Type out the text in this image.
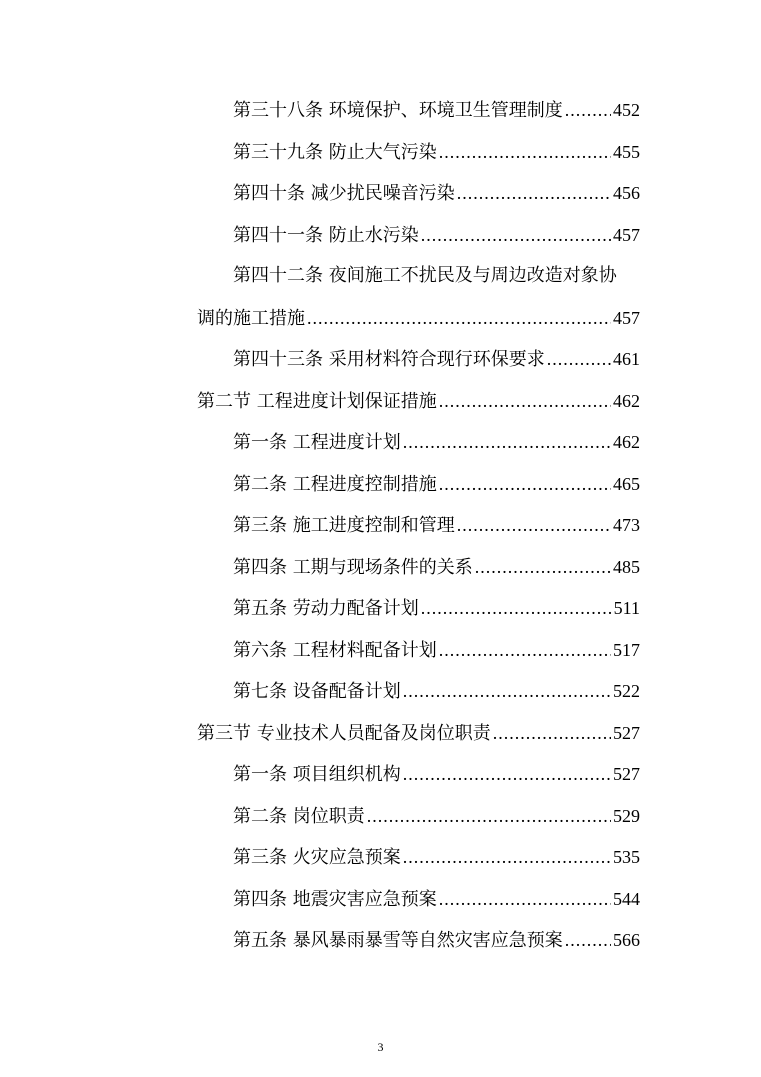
第三十八条 环境保护、环境卫生管理制度 .....	452
第三十九条 防止大气污染 .....	455
第四十条 减少扰民噪音污染 .....	456
第四十一条 防止水污染 .....	457
第四十二条 夜间施工不扰民及与周边改造对象协
调的施工措施 .....	457
第四十三条 采用材料符合现行环保要求 .....	461
第二节 工程进度计划保证措施 .....	462
第一条 工程进度计划 .....	462
第二条 工程进度控制措施 .....	465
第三条 施工进度控制和管理 .....	473
第四条 工期与现场条件的关系 .....	485
第五条 劳动力配备计划 .....	511
第六条 工程材料配备计划 .....	517
第七条 设备配备计划 .....	522
第三节 专业技术人员配备及岗位职责 .....	527
第一条 项目组织机构 .....	527
第二条 岗位职责 .....	529
第三条 火灾应急预案 .....	535
第四条 地震灾害应急预案 .....	544
第五条 暴风暴雨暴雪等自然灾害应急预案 .....	566
3
